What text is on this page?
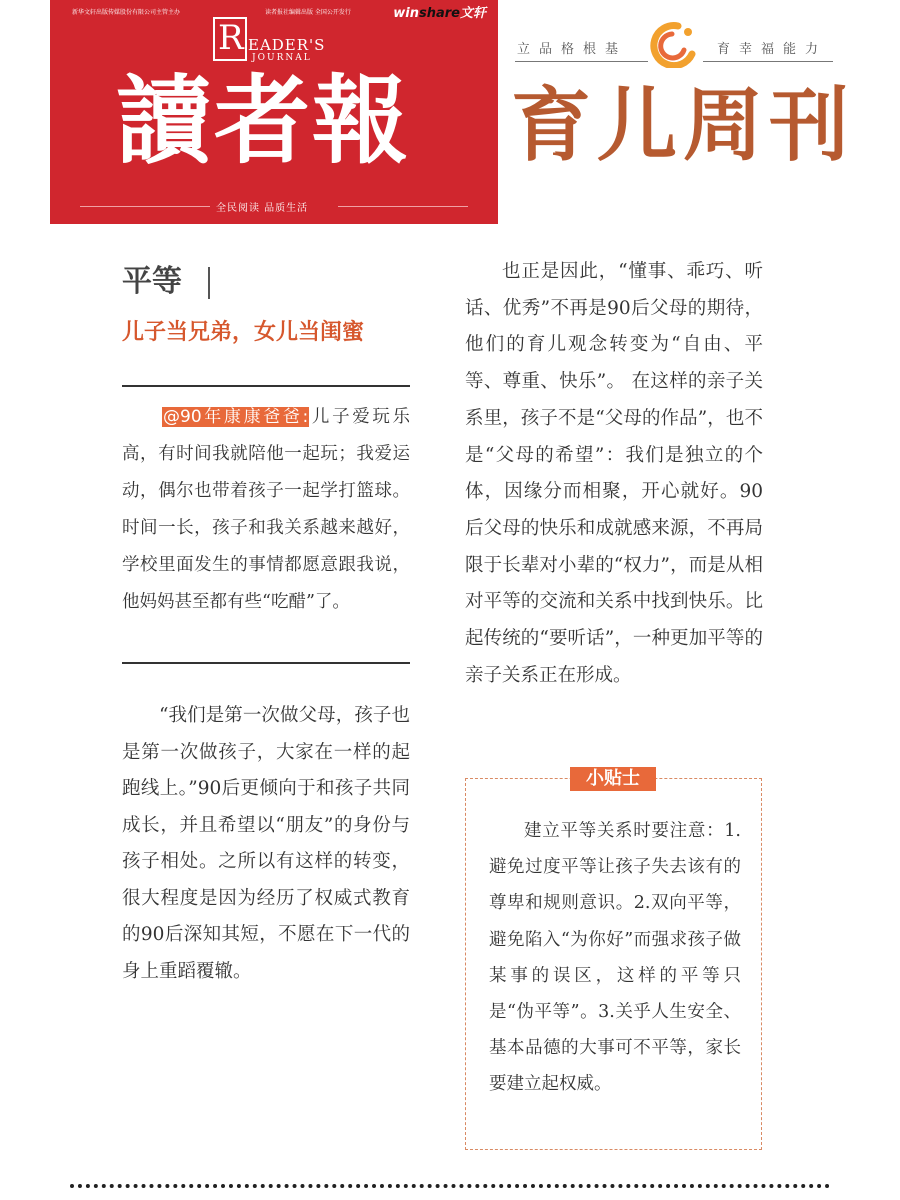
新华文轩出版传媒股份有限公司主管主办	读者报社编辑出版 全国公开发行	winshare文轩
R EADER'S
JOURNAL
讀者報
全民阅读 品质生活
立品格根基	育幸福能力
育儿周刊
平等
儿子当兄弟，女儿当闺蜜
@90年康康爸爸:儿子爱玩乐高，有时间我就陪他一起玩；我爱运动，偶尔也带着孩子一起学打篮球。时间一长，孩子和我关系越来越好，学校里面发生的事情都愿意跟我说，他妈妈甚至都有些“吃醋”了。

“我们是第一次做父母，孩子也是第一次做孩子，大家在一样的起跑线上。”90后更倾向于和孩子共同成长，并且希望以“朋友”的身份与孩子相处。之所以有这样的转变，很大程度是因为经历了权威式教育的90后深知其短，不愿在下一代的身上重蹈覆辙。

也正是因此，“懂事、乖巧、听话、优秀”不再是90后父母的期待，他们的育儿观念转变为“自由、平等、尊重、快乐”。 在这样的亲子关系里，孩子不是“父母的作品”，也不是“父母的希望”：我们是独立的个体，因缘分而相聚，开心就好。90后父母的快乐和成就感来源，不再局限于长辈对小辈的“权力”，而是从相对平等的交流和关系中找到快乐。比起传统的“要听话”，一种更加平等的亲子关系正在形成。

小贴士

建立平等关系时要注意：1.避免过度平等让孩子失去该有的尊卑和规则意识。2.双向平等，避免陷入“为你好”而强求孩子做某事的误区，这样的平等只是“伪平等”。3.关乎人生安全、基本品德的大事可不平等，家长要建立起权威。
